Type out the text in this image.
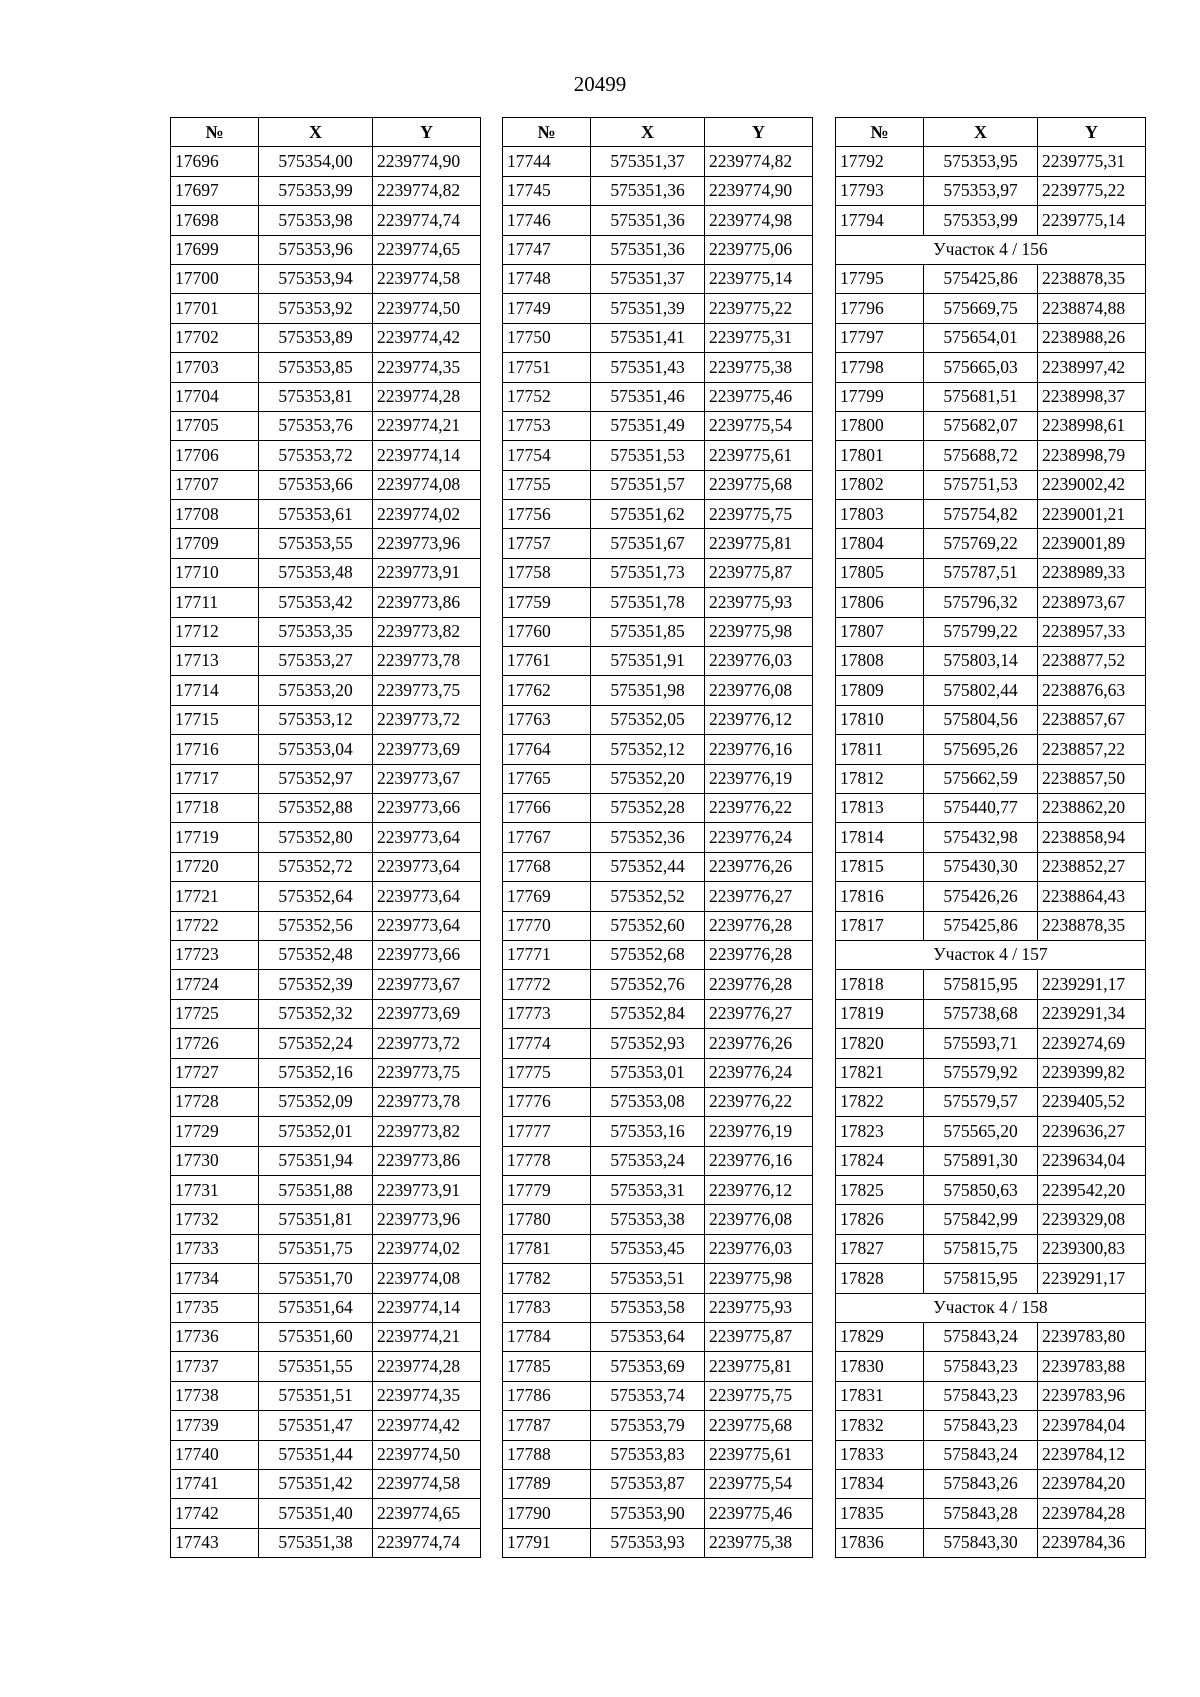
20499
№	X	Y
17696	575354,00	2239774,90
17697	575353,99	2239774,82
17698	575353,98	2239774,74
17699	575353,96	2239774,65
17700	575353,94	2239774,58
17701	575353,92	2239774,50
17702	575353,89	2239774,42
17703	575353,85	2239774,35
17704	575353,81	2239774,28
17705	575353,76	2239774,21
17706	575353,72	2239774,14
17707	575353,66	2239774,08
17708	575353,61	2239774,02
17709	575353,55	2239773,96
17710	575353,48	2239773,91
17711	575353,42	2239773,86
17712	575353,35	2239773,82
17713	575353,27	2239773,78
17714	575353,20	2239773,75
17715	575353,12	2239773,72
17716	575353,04	2239773,69
17717	575352,97	2239773,67
17718	575352,88	2239773,66
17719	575352,80	2239773,64
17720	575352,72	2239773,64
17721	575352,64	2239773,64
17722	575352,56	2239773,64
17723	575352,48	2239773,66
17724	575352,39	2239773,67
17725	575352,32	2239773,69
17726	575352,24	2239773,72
17727	575352,16	2239773,75
17728	575352,09	2239773,78
17729	575352,01	2239773,82
17730	575351,94	2239773,86
17731	575351,88	2239773,91
17732	575351,81	2239773,96
17733	575351,75	2239774,02
17734	575351,70	2239774,08
17735	575351,64	2239774,14
17736	575351,60	2239774,21
17737	575351,55	2239774,28
17738	575351,51	2239774,35
17739	575351,47	2239774,42
17740	575351,44	2239774,50
17741	575351,42	2239774,58
17742	575351,40	2239774,65
17743	575351,38	2239774,74
№	X	Y
17744	575351,37	2239774,82
17745	575351,36	2239774,90
17746	575351,36	2239774,98
17747	575351,36	2239775,06
17748	575351,37	2239775,14
17749	575351,39	2239775,22
17750	575351,41	2239775,31
17751	575351,43	2239775,38
17752	575351,46	2239775,46
17753	575351,49	2239775,54
17754	575351,53	2239775,61
17755	575351,57	2239775,68
17756	575351,62	2239775,75
17757	575351,67	2239775,81
17758	575351,73	2239775,87
17759	575351,78	2239775,93
17760	575351,85	2239775,98
17761	575351,91	2239776,03
17762	575351,98	2239776,08
17763	575352,05	2239776,12
17764	575352,12	2239776,16
17765	575352,20	2239776,19
17766	575352,28	2239776,22
17767	575352,36	2239776,24
17768	575352,44	2239776,26
17769	575352,52	2239776,27
17770	575352,60	2239776,28
17771	575352,68	2239776,28
17772	575352,76	2239776,28
17773	575352,84	2239776,27
17774	575352,93	2239776,26
17775	575353,01	2239776,24
17776	575353,08	2239776,22
17777	575353,16	2239776,19
17778	575353,24	2239776,16
17779	575353,31	2239776,12
17780	575353,38	2239776,08
17781	575353,45	2239776,03
17782	575353,51	2239775,98
17783	575353,58	2239775,93
17784	575353,64	2239775,87
17785	575353,69	2239775,81
17786	575353,74	2239775,75
17787	575353,79	2239775,68
17788	575353,83	2239775,61
17789	575353,87	2239775,54
17790	575353,90	2239775,46
17791	575353,93	2239775,38
№	X	Y
17792	575353,95	2239775,31
17793	575353,97	2239775,22
17794	575353,99	2239775,14
Участок 4 / 156		
17795	575425,86	2238878,35
17796	575669,75	2238874,88
17797	575654,01	2238988,26
17798	575665,03	2238997,42
17799	575681,51	2238998,37
17800	575682,07	2238998,61
17801	575688,72	2238998,79
17802	575751,53	2239002,42
17803	575754,82	2239001,21
17804	575769,22	2239001,89
17805	575787,51	2238989,33
17806	575796,32	2238973,67
17807	575799,22	2238957,33
17808	575803,14	2238877,52
17809	575802,44	2238876,63
17810	575804,56	2238857,67
17811	575695,26	2238857,22
17812	575662,59	2238857,50
17813	575440,77	2238862,20
17814	575432,98	2238858,94
17815	575430,30	2238852,27
17816	575426,26	2238864,43
17817	575425,86	2238878,35
Участок 4 / 157		
17818	575815,95	2239291,17
17819	575738,68	2239291,34
17820	575593,71	2239274,69
17821	575579,92	2239399,82
17822	575579,57	2239405,52
17823	575565,20	2239636,27
17824	575891,30	2239634,04
17825	575850,63	2239542,20
17826	575842,99	2239329,08
17827	575815,75	2239300,83
17828	575815,95	2239291,17
Участок 4 / 158		
17829	575843,24	2239783,80
17830	575843,23	2239783,88
17831	575843,23	2239783,96
17832	575843,23	2239784,04
17833	575843,24	2239784,12
17834	575843,26	2239784,20
17835	575843,28	2239784,28
17836	575843,30	2239784,36
